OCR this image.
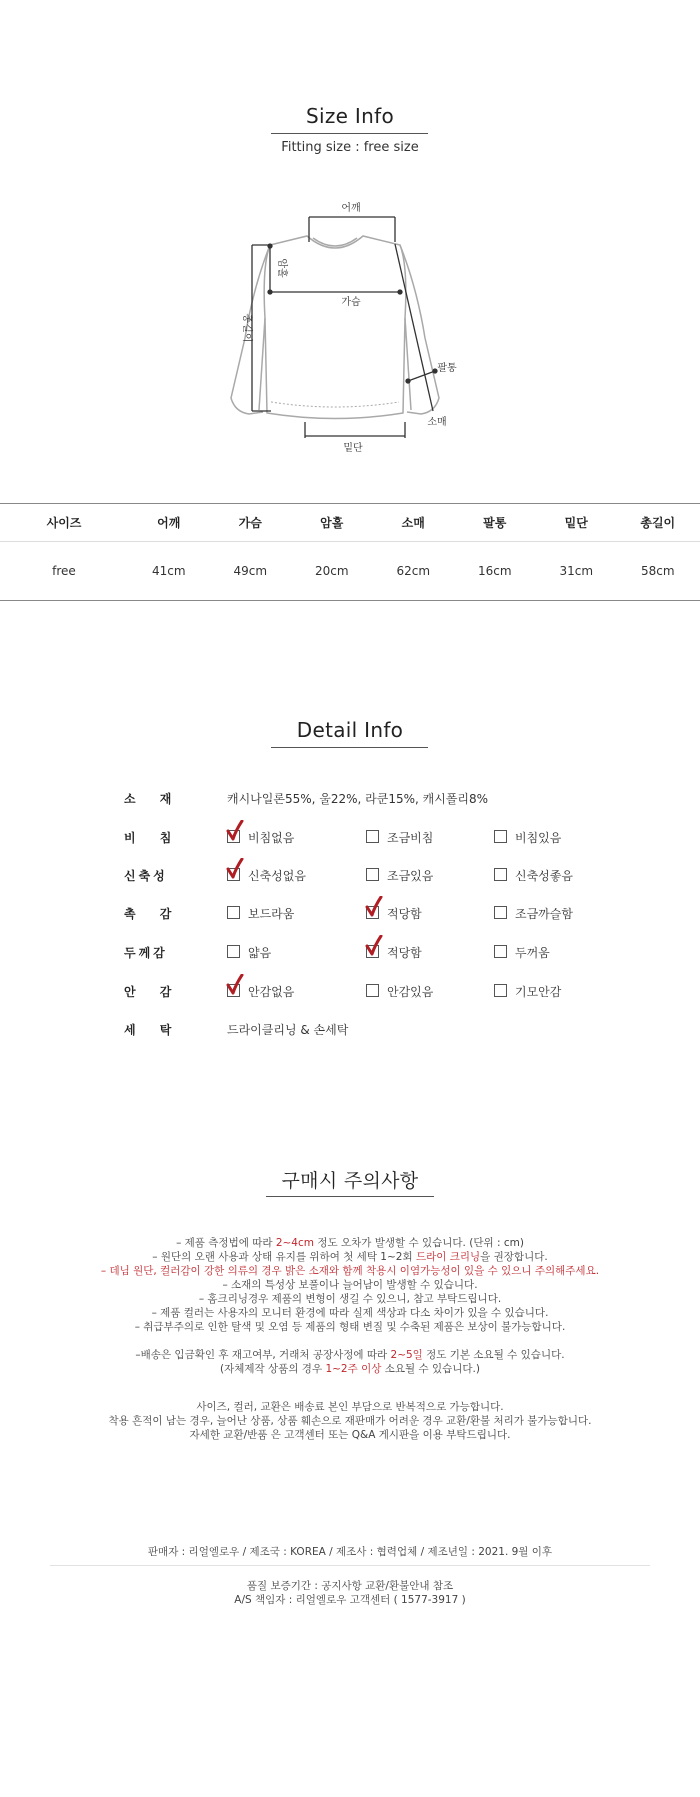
Size Info
Fitting size : free size
어깨
가슴
팔통
소매
밑단
암홀
총길이
사이즈	어깨	가슴	암홀	소매	팔통	밑단	총길이
free	41cm	49cm	20cm	62cm	16cm	31cm	58cm
Detail Info
소 재	캐시나일론55%, 울22%, 라쿤15%, 캐시폴리8%
비 침	비침없음	조금비침	비침있음
신축성	신축성없음	조금있음	신축성좋음
촉 감	보드라움	적당함	조금까슬함
두께감	얇음	적당함	두꺼움
안 감	안감없음	안감있음	기모안감
세 탁	드라이클리닝 & 손세탁
구매시 주의사항
– 제품 측정법에 따라 2~4cm 정도 오차가 발생할 수 있습니다. (단위 : cm)
– 원단의 오랜 사용과 상태 유지를 위하여 첫 세탁 1~2회 드라이 크리닝을 권장합니다.
– 데님 원단, 컬러감이 강한 의류의 경우 밝은 소재와 함께 착용시 이염가능성이 있을 수 있으니 주의해주세요.
– 소재의 특성상 보풀이나 늘어남이 발생할 수 있습니다.
– 홈크리닝경우 제품의 변형이 생길 수 있으니, 참고 부탁드립니다.
– 제품 컬러는 사용자의 모니터 환경에 따라 실제 색상과 다소 차이가 있을 수 있습니다.
– 취급부주의로 인한 탈색 및 오염 등 제품의 형태 변질 및 수축된 제품은 보상이 불가능합니다.
–배송은 입금확인 후 재고여부, 거래처 공장사정에 따라 2~5일 정도 기본 소요될 수 있습니다.
(자체제작 상품의 경우 1~2주 이상 소요될 수 있습니다.)
사이즈, 컬러, 교환은 배송료 본인 부담으로 반복적으로 가능합니다.
착용 흔적이 남는 경우, 늘어난 상품, 상품 훼손으로 재판매가 어려운 경우 교환/환불 처리가 불가능합니다.
자세한 교환/반품 은 고객센터 또는 Q&A 게시판을 이용 부탁드립니다.
판매자 : 리얼엘로우 / 제조국 : KOREA / 제조사 : 협력업체 / 제조년일 : 2021. 9월 이후
품질 보증기간 : 공지사항 교환/환불안내 참조
A/S 책임자 : 리얼엘로우 고객센터 ( 1577-3917 )
